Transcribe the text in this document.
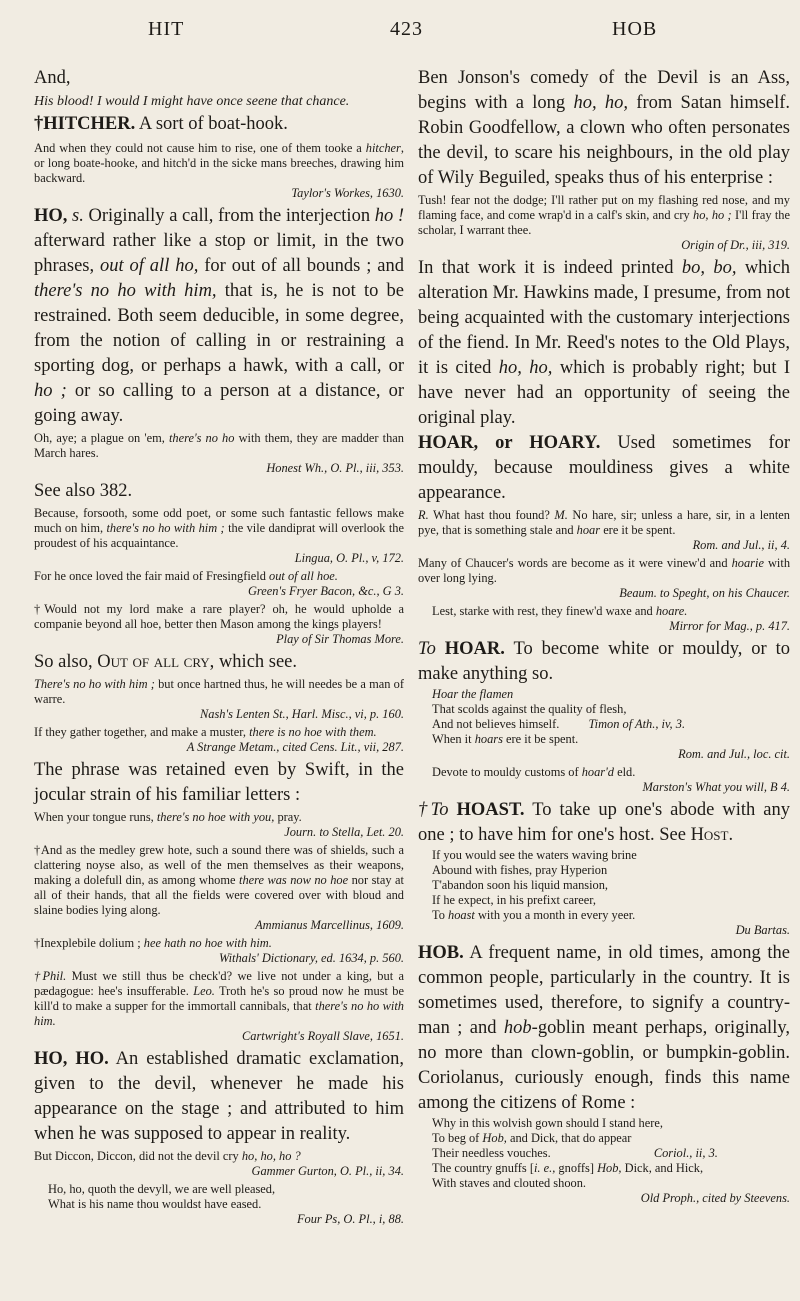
HIT	423	HOB

And,

His blood! I would I might have once seene that chance.

†HITCHER. A sort of boat-hook.

And when they could not cause him to rise, one of them tooke a hitcher, or long boate-hooke, and hitch'd in the sicke mans breeches, drawing him backward.

Taylor's Workes, 1630.

HO, s. Originally a call, from the interjection ho ! afterward rather like a stop or limit, in the two phrases, out of all ho, for out of all bounds ; and there's no ho with him, that is, he is not to be restrained. Both seem deducible, in some degree, from the notion of calling in or restraining a sporting dog, or perhaps a hawk, with a call, or ho ; or so calling to a person at a distance, or going away.

Oh, aye; a plague on 'em, there's no ho with them, they are madder than March hares.

Honest Wh., O. Pl., iii, 353.

See also 382.

Because, forsooth, some odd poet, or some such fantastic fellows make much on him, there's no ho with him ; the vile dandiprat will overlook the proudest of his acquaintance.

Lingua, O. Pl., v, 172.

For he once loved the fair maid of Fresingfield out of all hoe.

Green's Fryer Bacon, &c., G 3.

†Would not my lord make a rare player? oh, he would upholde a companie beyond all hoe, better then Mason among the kings players!

Play of Sir Thomas More.

So also, Out of all cry, which see.

There's no ho with him ; but once hartned thus, he will needes be a man of warre.

Nash's Lenten St., Harl. Misc., vi, p. 160.

If they gather together, and make a muster, there is no hoe with them.

A Strange Metam., cited Cens. Lit., vii, 287.

The phrase was retained even by Swift, in the jocular strain of his familiar letters :

When your tongue runs, there's no hoe with you, pray.

Journ. to Stella, Let. 20.

†And as the medley grew hote, such a sound there was of shields, such a clattering noyse also, as well of the men themselves as their weapons, making a dolefull din, as among whome there was now no hoe nor stay at all of their hands, that all the fields were covered over with bloud and slaine bodies lying along.

Ammianus Marcellinus, 1609.

†Inexplebile dolium ; hee hath no hoe with him.

Withals' Dictionary, ed. 1634, p. 560.

†Phil. Must we still thus be check'd? we live not under a king, but a pædagogue: hee's insufferable. Leo. Troth he's so proud now he must be kill'd to make a supper for the immortall cannibals, that there's no ho with him.

Cartwright's Royall Slave, 1651.

HO, HO. An established dramatic exclamation, given to the devil, whenever he made his appearance on the stage ; and attributed to him when he was supposed to appear in reality.

But Diccon, Diccon, did not the devil cry ho, ho, ho ?

Gammer Gurton, O. Pl., ii, 34.

Ho, ho, quoth the devyll, we are well pleased,

What is his name thou wouldst have eased.

Four Ps, O. Pl., i, 88.

Ben Jonson's comedy of the Devil is an Ass, begins with a long ho, ho, from Satan himself. Robin Goodfellow, a clown who often personates the devil, to scare his neighbours, in the old play of Wily Beguiled, speaks thus of his enterprise :

Tush! fear not the dodge; I'll rather put on my flashing red nose, and my flaming face, and come wrap'd in a calf's skin, and cry ho, ho ; I'll fray the scholar, I warrant thee.

Origin of Dr., iii, 319.

In that work it is indeed printed bo, bo, which alteration Mr. Hawkins made, I presume, from not being acquainted with the customary interjections of the fiend. In Mr. Reed's notes to the Old Plays, it is cited ho, ho, which is probably right; but I have never had an opportunity of seeing the original play.

HOAR, or HOARY. Used sometimes for mouldy, because mouldiness gives a white appearance.

R. What hast thou found? M. No hare, sir; unless a hare, sir, in a lenten pye, that is something stale and hoar ere it be spent.

Rom. and Jul., ii, 4.

Many of Chaucer's words are become as it were vinew'd and hoarie with over long lying.

Beaum. to Speght, on his Chaucer.

Lest, starke with rest, they finew'd waxe and hoare.

Mirror for Mag., p. 417.

To HOAR. To become white or mouldy, or to make anything so.

Hoar the flamen

That scolds against the quality of flesh,

And not believes himself. Timon of Ath., iv, 3.

When it hoars ere it be spent.

Rom. and Jul., loc. cit.

Devote to mouldy customs of hoar'd eld.

Marston's What you will, B 4.

†To HOAST. To take up one's abode with any one ; to have him for one's host. See Host.

If you would see the waters waving brine

Abound with fishes, pray Hyperion

T'abandon soon his liquid mansion,

If he expect, in his prefixt career,

To hoast with you a month in every yeer.

Du Bartas.

HOB. A frequent name, in old times, among the common people, particularly in the country. It is sometimes used, therefore, to signify a country-man ; and hob-goblin meant perhaps, originally, no more than clown-goblin, or bumpkin-goblin. Coriolanus, curiously enough, finds this name among the citizens of Rome :

Why in this wolvish gown should I stand here,

To beg of Hob, and Dick, that do appear

Their needless vouches.	Coriol., ii, 3.

The country gnuffs [i. e., gnoffs] Hob, Dick, and Hick,

With staves and clouted shoon.

Old Proph., cited by Steevens.
